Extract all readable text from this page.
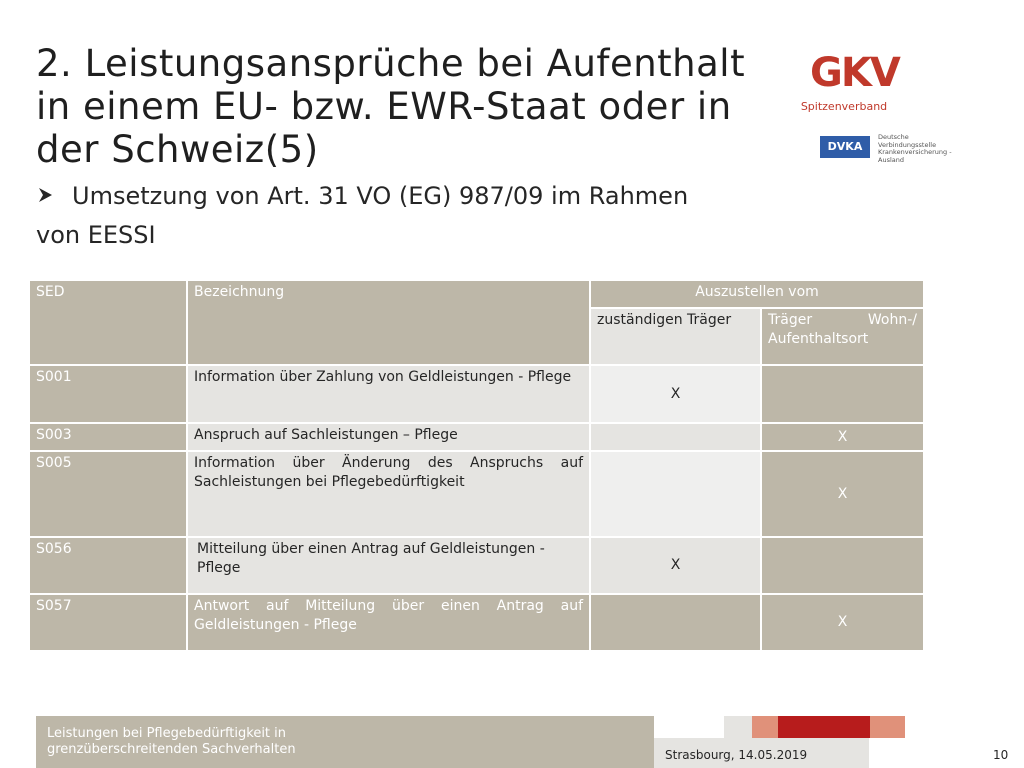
2. Leistungsansprüche bei Aufenthalt
in einem EU- bzw. EWR-Staat oder in
der Schweiz(5)
Umsetzung von Art. 31 VO (EG) 987/09 im Rahmen
von EESSI
GKV
Spitzenverband
DVKA
Deutsche
Verbindungsstelle
Krankenversicherung -
Ausland
SED	Bezeichnung	Auszustellen vom	
		zuständigen Träger	Träger Wohn-/ Aufenthaltsort
S001	Information über Zahlung von Geldleistungen - Pflege	X	
S003	Anspruch auf Sachleistungen – Pflege		X
S005	Information über Änderung des Anspruchs auf Sachleistungen bei Pflegebedürftigkeit		X
S056	Mitteilung über einen Antrag auf Geldleistungen - Pflege	X	
S057	Antwort auf Mitteilung über einen Antrag auf Geldleistungen - Pflege		X
Leistungen bei Pflegebedürftigkeit in
grenzüberschreitenden Sachverhalten	Strasbourg, 14.05.2019	10
